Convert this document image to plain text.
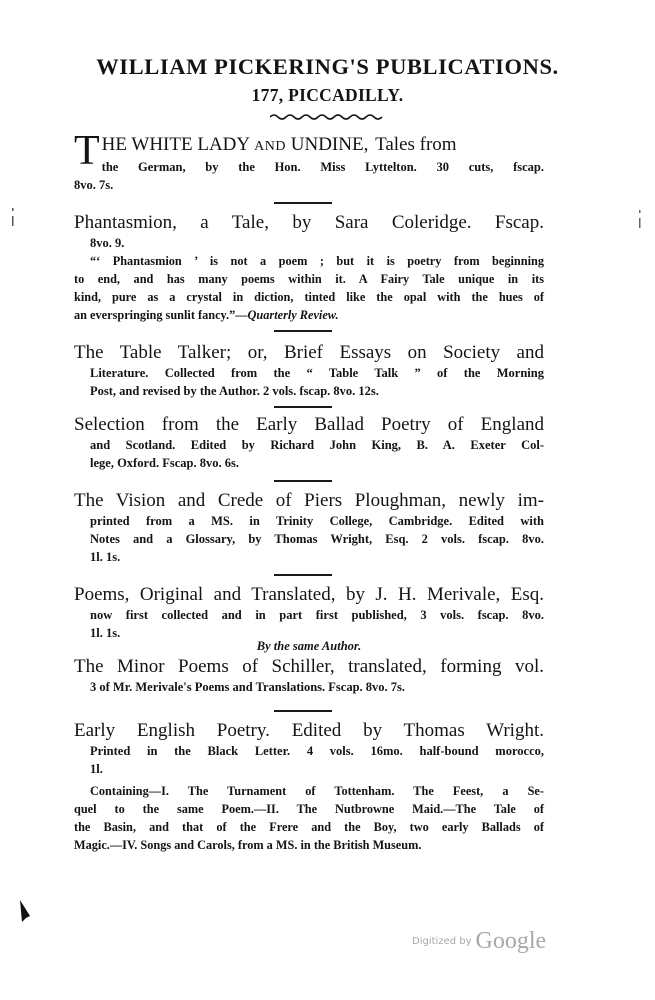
WILLIAM PICKERING'S PUBLICATIONS.
177, PICCADILLY.
T HE WHITE LADY AND UNDINE, Tales from
the German, by the Hon. Miss Lyttelton. 30 cuts, fscap.
8vo. 7s.
Phantasmion, a Tale, by Sara Coleridge. Fscap.
8vo. 9.
“‘ Phantasmion ’ is not a poem ; but it is poetry from beginning
to end, and has many poems within it. A Fairy Tale unique in its
kind, pure as a crystal in diction, tinted like the opal with the hues of
an everspringing sunlit fancy.”—Quarterly Review.
The Table Talker; or, Brief Essays on Society and
Literature. Collected from the “ Table Talk ” of the Morning
Post, and revised by the Author. 2 vols. fscap. 8vo. 12s.
Selection from the Early Ballad Poetry of England
and Scotland. Edited by Richard John King, B. A. Exeter Col-
lege, Oxford. Fscap. 8vo. 6s.
The Vision and Crede of Piers Ploughman, newly im-
printed from a MS. in Trinity College, Cambridge. Edited with
Notes and a Glossary, by Thomas Wright, Esq. 2 vols. fscap. 8vo.
1l. 1s.
Poems, Original and Translated, by J. H. Merivale, Esq.
now first collected and in part first published, 3 vols. fscap. 8vo.
1l. 1s.
By the same Author.
The Minor Poems of Schiller, translated, forming vol.
3 of Mr. Merivale's Poems and Translations. Fscap. 8vo. 7s.
Early English Poetry. Edited by Thomas Wright.
Printed in the Black Letter. 4 vols. 16mo. half-bound morocco,
1l.
Containing—I. The Turnament of Tottenham. The Feest, a Se-
quel to the same Poem.—II. The Nutbrowne Maid.—The Tale of
the Basin, and that of the Frere and the Boy, two early Ballads of
Magic.—IV. Songs and Carols, from a MS. in the British Museum.
$^{Digitized by}$ Google
